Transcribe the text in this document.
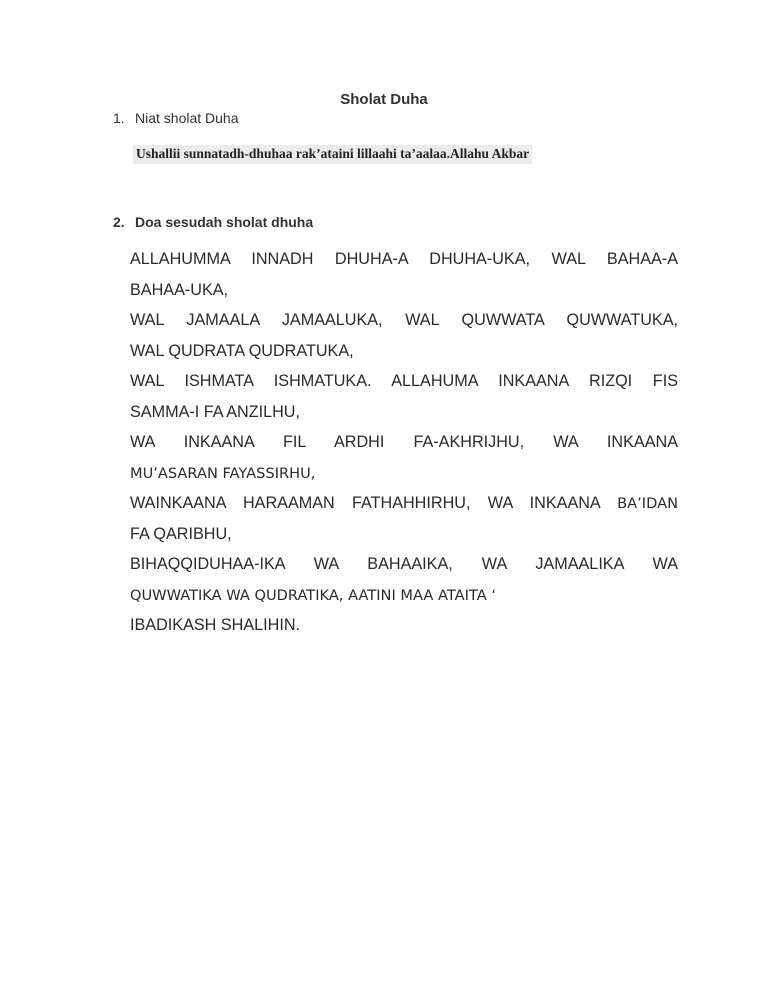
Sholat Duha
1. Niat sholat Duha
Ushallii sunnatadh-dhuhaa rak’ataini lillaahi ta’aalaa.Allahu Akbar
2. Doa sesudah sholat dhuha
ALLAHUMMA INNADH DHUHA-A DHUHA-UKA, WAL BAHAA-A
BAHAA-UKA,
WAL JAMAALA JAMAALUKA, WAL QUWWATA QUWWATUKA,
WAL QUDRATA QUDRATUKA,
WAL ISHMATA ISHMATUKA. ALLAHUMA INKAANA RIZQI FIS
SAMMA-I FA ANZILHU,
WA INKAANA FIL ARDHI FA-AKHRIJHU, WA INKAANA
MU’ASARAN FAYASSIRHU,
WAINKAANA HARAAMAN FATHAHHIRHU, WA INKAANA BA’IDAN
FA QARIBHU,
BIHAQQIDUHAA-IKA WA BAHAAIKA, WA JAMAALIKA WA
QUWWATIKA WA QUDRATIKA, AATINI MAA ATAITA ‘
IBADIKASH SHALIHIN.
